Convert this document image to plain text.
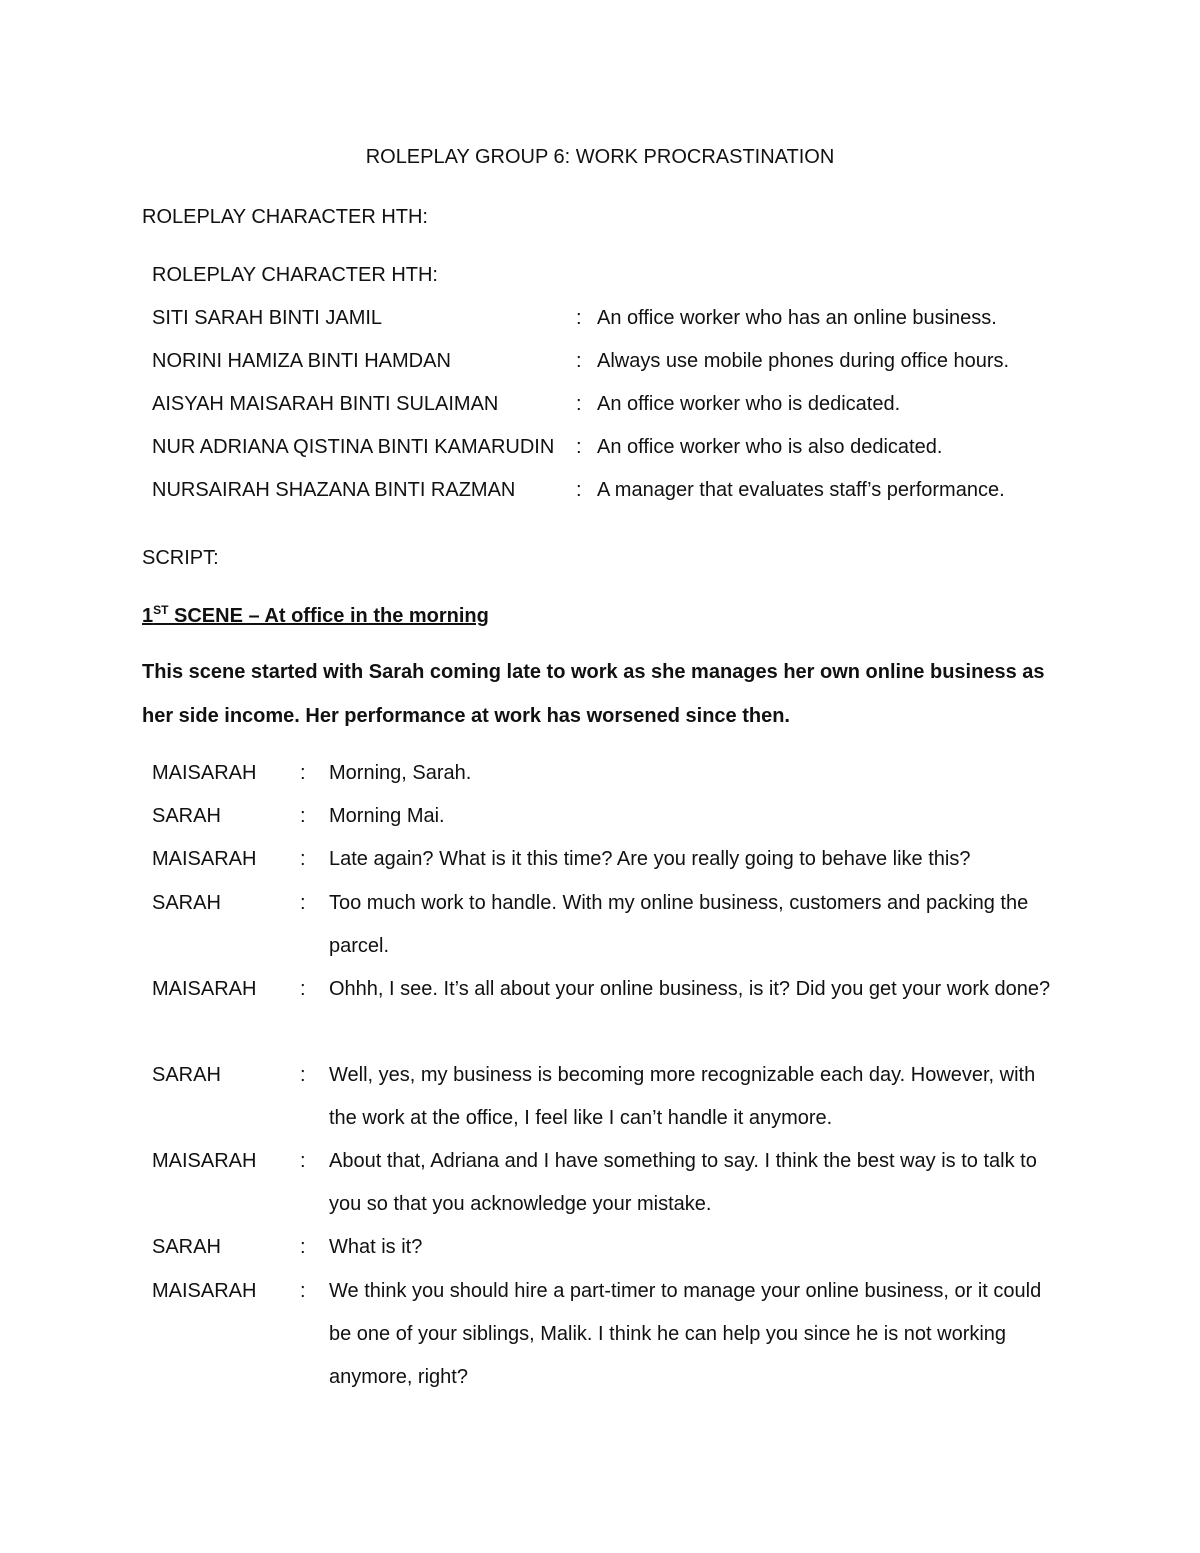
ROLEPLAY GROUP 6: WORK PROCRASTINATION
ROLEPLAY CHARACTER HTH:
ROLEPLAY CHARACTER HTH:
SITI SARAH BINTI JAMIL	: An office worker who has an online business.
NORINI HAMIZA BINTI HAMDAN	: Always use mobile phones during office hours.
AISYAH MAISARAH BINTI SULAIMAN	: An office worker who is dedicated.
NUR ADRIANA QISTINA BINTI KAMARUDIN : An office worker who is also dedicated.
NURSAIRAH SHAZANA BINTI RAZMAN	: A manager that evaluates staff’s performance.
SCRIPT:
1ST SCENE – At office in the morning
This scene started with Sarah coming late to work as she manages her own online business as her side income. Her performance at work has worsened since then.
MAISARAH : Morning, Sarah.
SARAH	: Morning Mai.
MAISARAH : Late again? What is it this time? Are you really going to behave like this?
SARAH	: Too much work to handle. With my online business, customers and packing the parcel.
MAISARAH : Ohhh, I see. It’s all about your online business, is it? Did you get your work done?
SARAH	: Well, yes, my business is becoming more recognizable each day. However, with the work at the office, I feel like I can’t handle it anymore.
MAISARAH : About that, Adriana and I have something to say. I think the best way is to talk to you so that you acknowledge your mistake.
SARAH	: What is it?
MAISARAH : We think you should hire a part-timer to manage your online business, or it could be one of your siblings, Malik. I think he can help you since he is not working anymore, right?
